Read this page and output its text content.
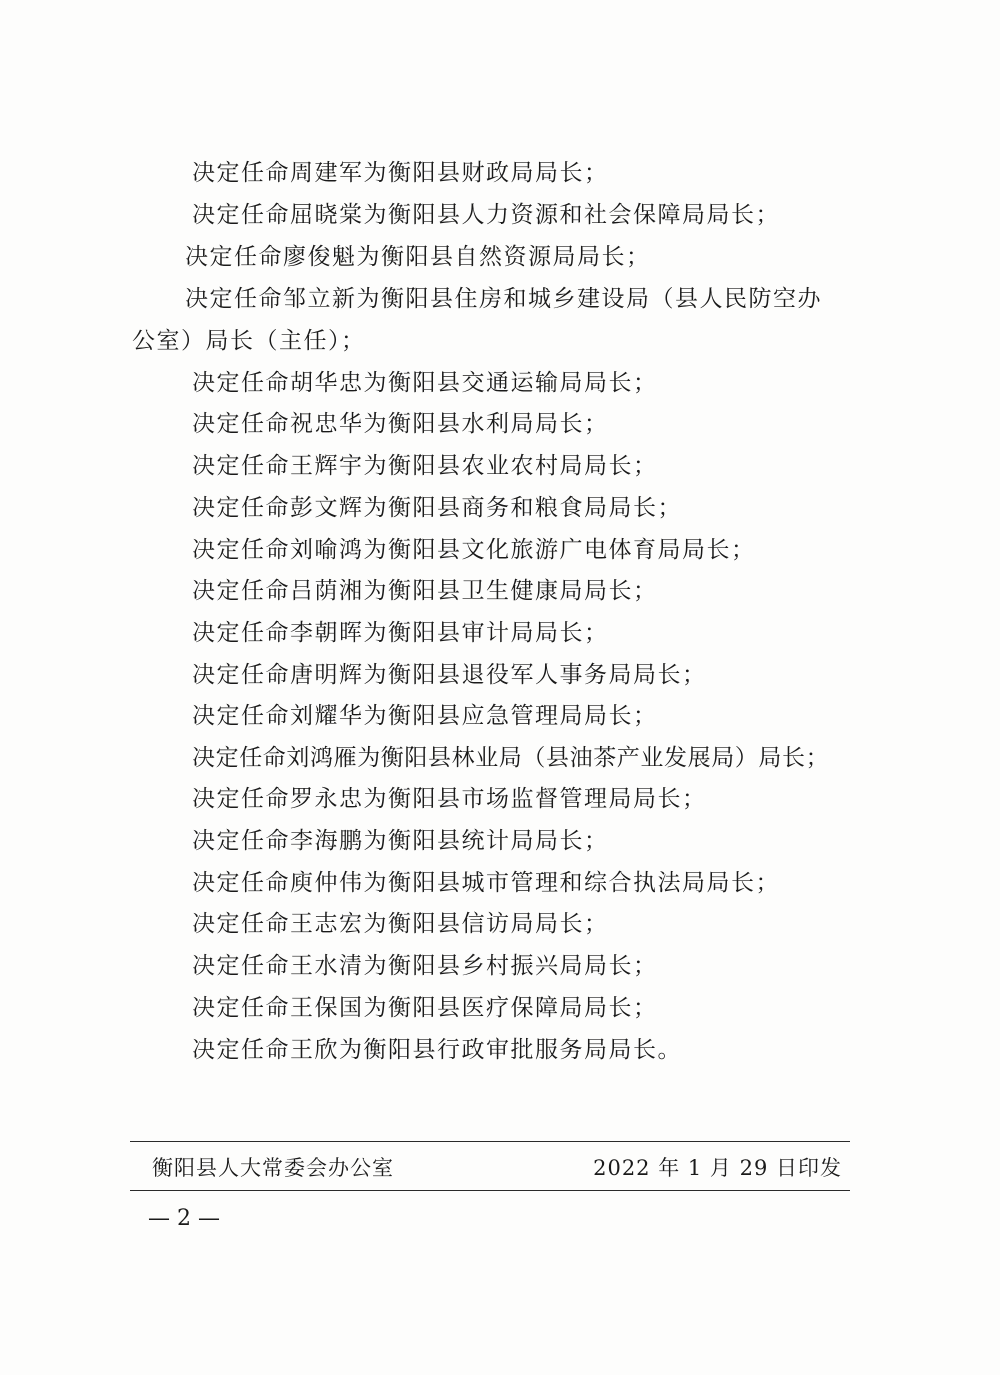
决定任命周建军为衡阳县财政局局长；
决定任命屈晓棠为衡阳县人力资源和社会保障局局长；
决定任命廖俊魁为衡阳县自然资源局局长；
决定任命邹立新为衡阳县住房和城乡建设局（县人民防空办
公室）局长（主任）；
决定任命胡华忠为衡阳县交通运输局局长；
决定任命祝忠华为衡阳县水利局局长；
决定任命王辉宇为衡阳县农业农村局局长；
决定任命彭文辉为衡阳县商务和粮食局局长；
决定任命刘喻鸿为衡阳县文化旅游广电体育局局长；
决定任命吕荫湘为衡阳县卫生健康局局长；
决定任命李朝晖为衡阳县审计局局长；
决定任命唐明辉为衡阳县退役军人事务局局长；
决定任命刘耀华为衡阳县应急管理局局长；
决定任命刘鸿雁为衡阳县林业局（县油茶产业发展局）局长；
决定任命罗永忠为衡阳县市场监督管理局局长；
决定任命李海鹏为衡阳县统计局局长；
决定任命庾仲伟为衡阳县城市管理和综合执法局局长；
决定任命王志宏为衡阳县信访局局长；
决定任命王水清为衡阳县乡村振兴局局长；
决定任命王保国为衡阳县医疗保障局局长；
决定任命王欣为衡阳县行政审批服务局局长。
衡阳县人大常委会办公室	2022 年 1 月 29 日印发
— 2 —
